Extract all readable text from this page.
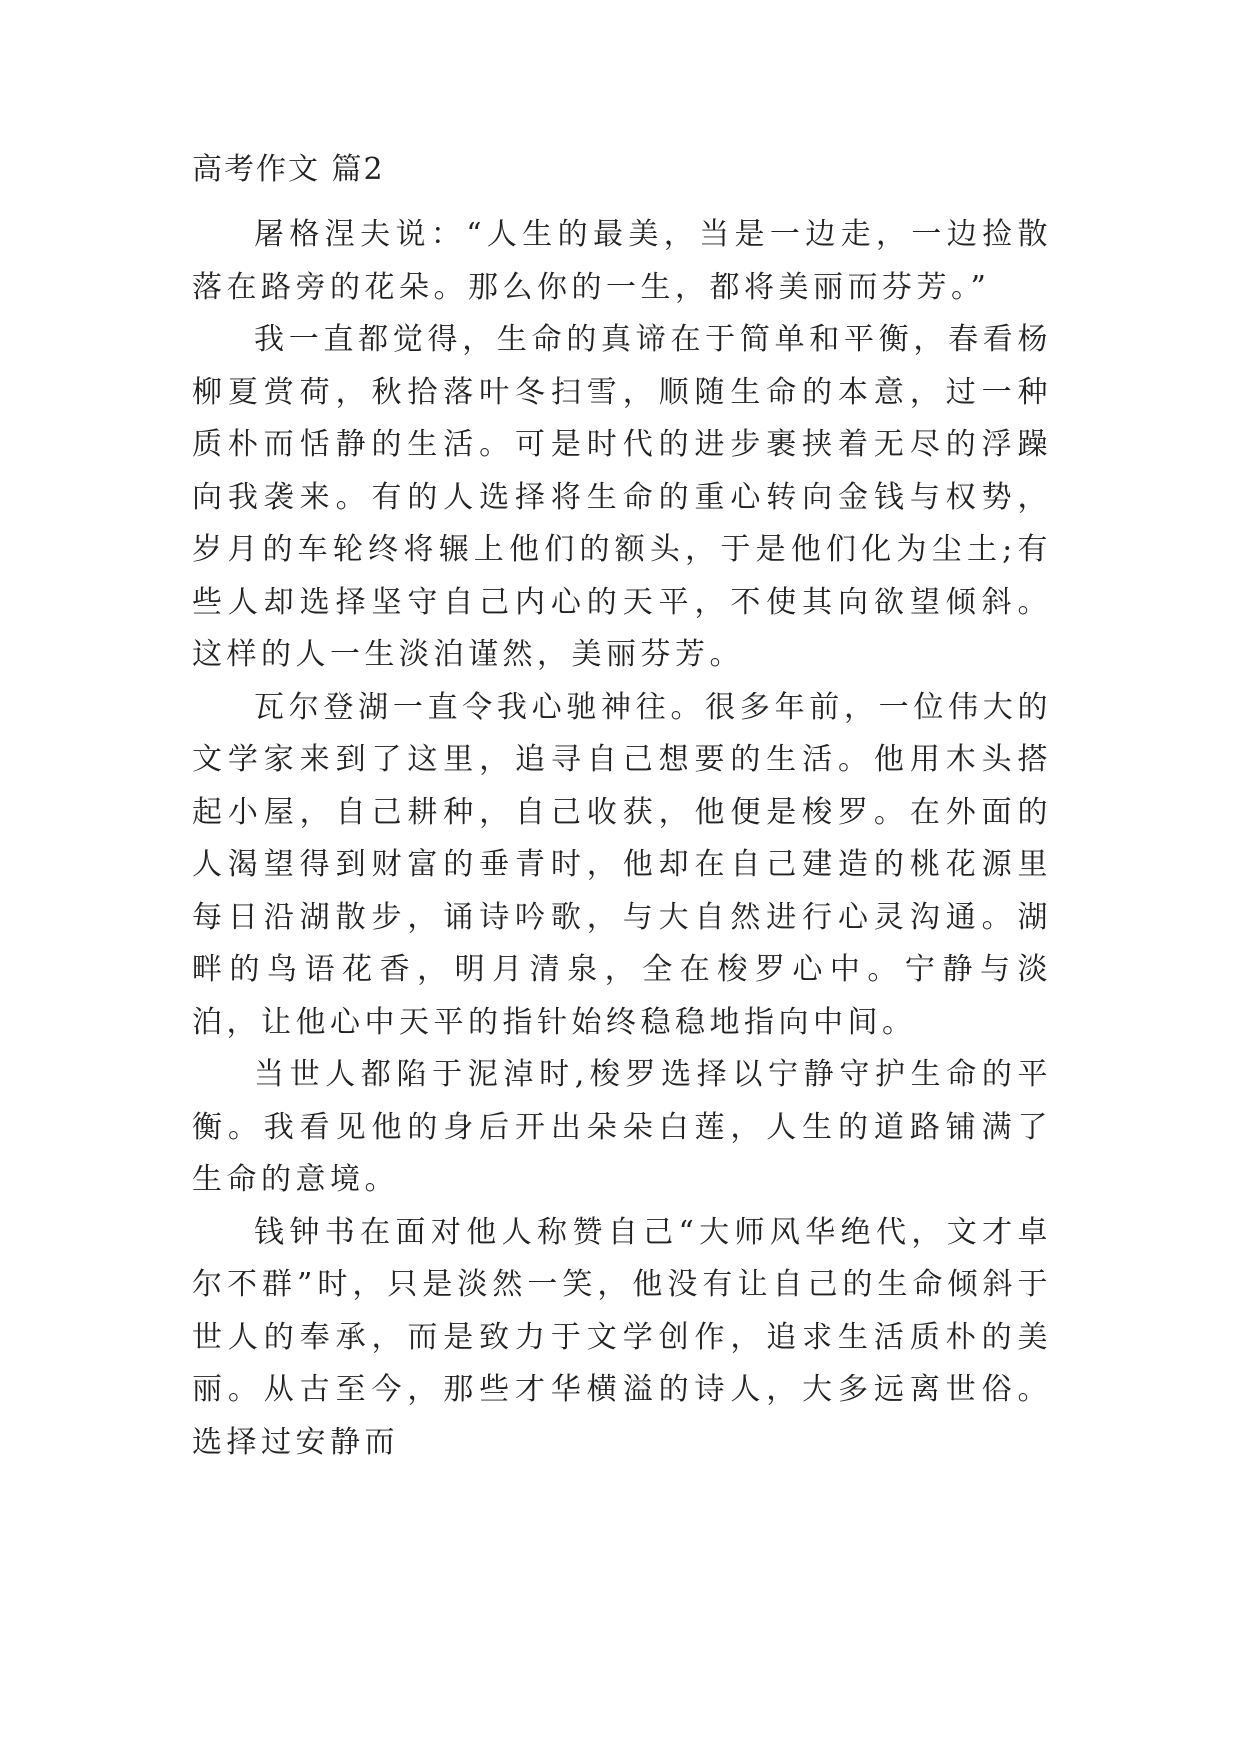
高考作文 篇2

屠格涅夫说：“人生的最美，当是一边走，一边捡散落在路旁的花朵。那么你的一生，都将美丽而芬芳。”

我一直都觉得，生命的真谛在于简单和平衡，春看杨柳夏赏荷，秋拾落叶冬扫雪，顺随生命的本意，过一种质朴而恬静的生活。可是时代的进步裹挟着无尽的浮躁向我袭来。有的人选择将生命的重心转向金钱与权势，岁月的车轮终将辗上他们的额头，于是他们化为尘土;有些人却选择坚守自己内心的天平，不使其向欲望倾斜。这样的人一生淡泊谨然，美丽芬芳。

瓦尔登湖一直令我心驰神往。很多年前，一位伟大的文学家来到了这里，追寻自己想要的生活。他用木头搭起小屋，自己耕种，自己收获，他便是梭罗。在外面的人渴望得到财富的垂青时，他却在自己建造的桃花源里每日沿湖散步，诵诗吟歌，与大自然进行心灵沟通。湖畔的鸟语花香，明月清泉，全在梭罗心中。宁静与淡泊，让他心中天平的指针始终稳稳地指向中间。

当世人都陷于泥淖时,梭罗选择以宁静守护生命的平衡。我看见他的身后开出朵朵白莲，人生的道路铺满了生命的意境。

钱钟书在面对他人称赞自己“大师风华绝代，文才卓尔不群”时，只是淡然一笑，他没有让自己的生命倾斜于世人的奉承，而是致力于文学创作，追求生活质朴的美丽。从古至今，那些才华横溢的诗人，大多远离世俗。选择过安静而
